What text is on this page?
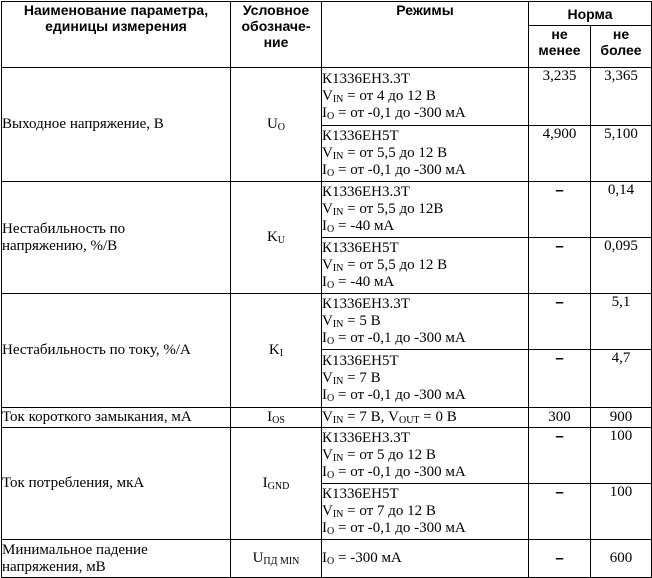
Наименование параметра,
единицы измерения	Условное
обозначе-
ние	Режимы	Норма	

			не
менее	не
более

Выходное напряжение, В	$U_O$	К1336ЕН3.3Т
$V_{IN}$ = от 4 до 12 В
$I_O$ = от -0,1 до -300 мА	3,235	3,365

		К1336ЕН5Т
$V_{IN}$ = от 5,5 до 12 В
$I_O$ = от -0,1 до -300 мА	4,900	5,100

Нестабильность по
напряжению, %/В	$K_U$	К1336ЕН3.3Т
$V_{IN}$ = от 5,5 до 12В
$I_O = -40$ мА	–	0,14

		К1336ЕН5Т
$V_{IN}$ = от 5,5 до 12 В
$I_O = -40$ мА	–	0,095

Нестабильность по току, %/А	$K_I$	К1336ЕН3.3Т
$V_{IN} = 5$ В
$I_O$ = от -0,1 до -300 мА	–	5,1

		К1336ЕН5Т
$V_{IN} = 7$ В
$I_O$ = от -0,1 до -300 мА	–	4,7

Ток короткого замыкания, мА	$I_{OS}$	$V_{IN} = 7$ В, $V_{OUT} = 0$ В	300	900

Ток потребления, мкА	$I_{GND}$	К1336ЕН3.3Т
$V_{IN}$ = от 5 до 12 В
$I_O$ = от -0,1 до -300 мА	–	100

		К1336ЕН5Т
$V_{IN}$ = от 7 до 12 В
$I_O$ = от -0,1 до -300 мА	–	100

Минимальное падение
напряжения, мВ	$U_{ПД MIN}$	$I_O = -300$ мА	–	600
